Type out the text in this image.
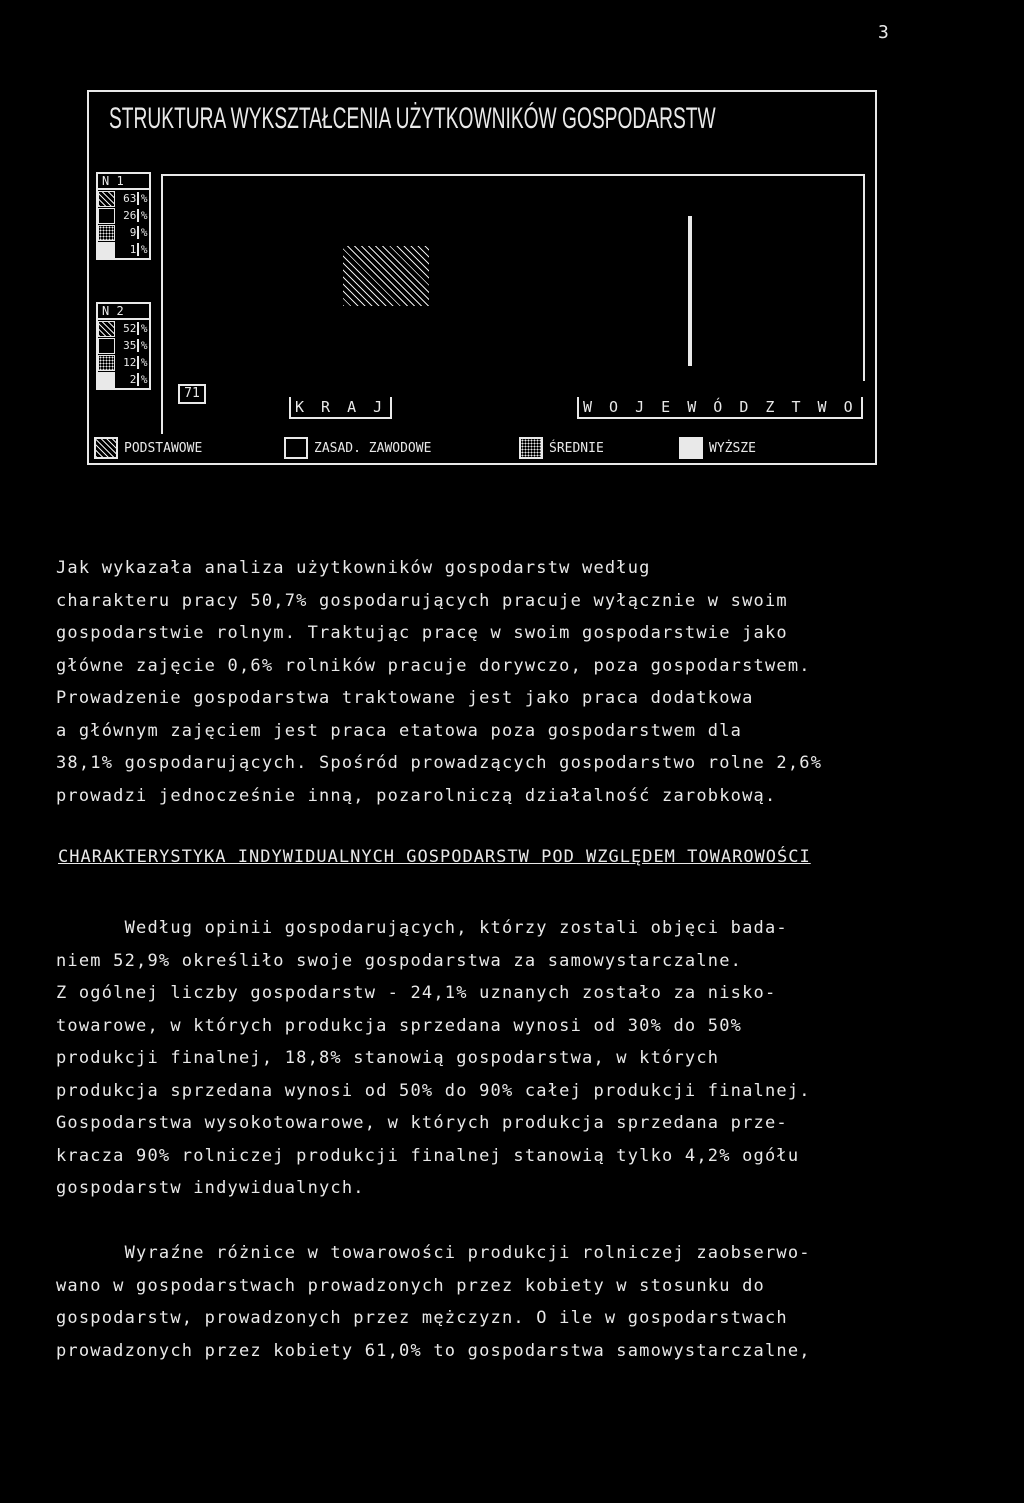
3
STRUKTURA WYKSZTAŁCENIA UŻYTKOWNIKÓW GOSPODARSTW
N 1
63 %
26 %
9 %
1 %
N 2
52 %
35 %
12 %
2 %
71
K R A J	W O J E W Ó D Z T W O
PODSTAWOWE	ZASAD. ZAWODOWE	ŚREDNIE	WYŻSZE

Jak wykazała analiza użytkowników gospodarstw według
charakteru pracy 50,7% gospodarujących pracuje wyłącznie w swoim
gospodarstwie rolnym. Traktując pracę w swoim gospodarstwie jako
główne zajęcie 0,6% rolników pracuje dorywczo, poza gospodarstwem.
Prowadzenie gospodarstwa traktowane jest jako praca dodatkowa
a głównym zajęciem jest praca etatowa poza gospodarstwem dla
38,1% gospodarujących. Spośród prowadzących gospodarstwo rolne 2,6%
prowadzi jednocześnie inną, pozarolniczą działalność zarobkową.

CHARAKTERYSTYKA INDYWIDUALNYCH GOSPODARSTW POD WZGLĘDEM TOWAROWOŚCI

Według opinii gospodarujących, którzy zostali objęci bada-
niem 52,9% określiło swoje gospodarstwa za samowystarczalne.
Z ogólnej liczby gospodarstw - 24,1% uznanych zostało za nisko-
towarowe, w których produkcja sprzedana wynosi od 30% do 50%
produkcji finalnej, 18,8% stanowią gospodarstwa, w których
produkcja sprzedana wynosi od 50% do 90% całej produkcji finalnej.
Gospodarstwa wysokotowarowe, w których produkcja sprzedana prze-
kracza 90% rolniczej produkcji finalnej stanowią tylko 4,2% ogółu
gospodarstw indywidualnych.

Wyraźne różnice w towarowości produkcji rolniczej zaobserwo-
wano w gospodarstwach prowadzonych przez kobiety w stosunku do
gospodarstw, prowadzonych przez mężczyzn. O ile w gospodarstwach
prowadzonych przez kobiety 61,0% to gospodarstwa samowystarczalne,
